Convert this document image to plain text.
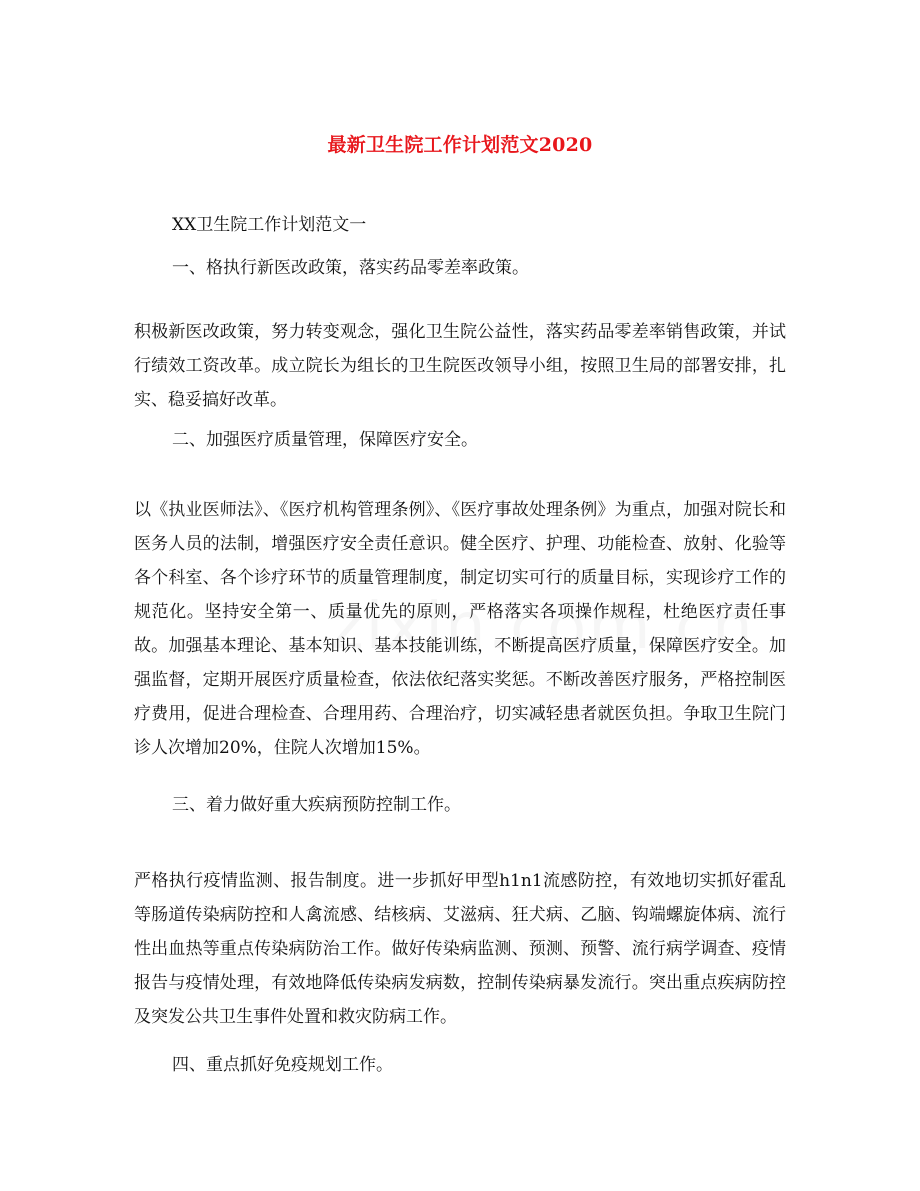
最新卫生院工作计划范文2020
XX卫生院工作计划范文一
一、格执行新医改政策，落实药品零差率政策。
积极新医改政策，努力转变观念，强化卫生院公益性，落实药品零差率销售政策，并试行绩效工资改革。成立院长为组长的卫生院医改领导小组，按照卫生局的部署安排，扎实、稳妥搞好改革。
二、加强医疗质量管理，保障医疗安全。
以《执业医师法》、《医疗机构管理条例》、《医疗事故处理条例》为重点，加强对院长和医务人员的法制，增强医疗安全责任意识。健全医疗、护理、功能检查、放射、化验等各个科室、各个诊疗环节的质量管理制度，制定切实可行的质量目标，实现诊疗工作的规范化。坚持安全第一、质量优先的原则，严格落实各项操作规程，杜绝医疗责任事故。加强基本理论、基本知识、基本技能训练，不断提高医疗质量，保障医疗安全。加强监督，定期开展医疗质量检查，依法依纪落实奖惩。不断改善医疗服务，严格控制医疗费用，促进合理检查、合理用药、合理治疗，切实减轻患者就医负担。争取卫生院门诊人次增加20%，住院人次增加15%。
三、着力做好重大疾病预防控制工作。
严格执行疫情监测、报告制度。进一步抓好甲型h1n1流感防控，有效地切实抓好霍乱等肠道传染病防控和人禽流感、结核病、艾滋病、狂犬病、乙脑、钩端螺旋体病、流行性出血热等重点传染病防治工作。做好传染病监测、预测、预警、流行病学调查、疫情报告与疫情处理，有效地降低传染病发病数，控制传染病暴发流行。突出重点疾病防控及突发公共卫生事件处置和救灾防病工作。
四、重点抓好免疫规划工作。
